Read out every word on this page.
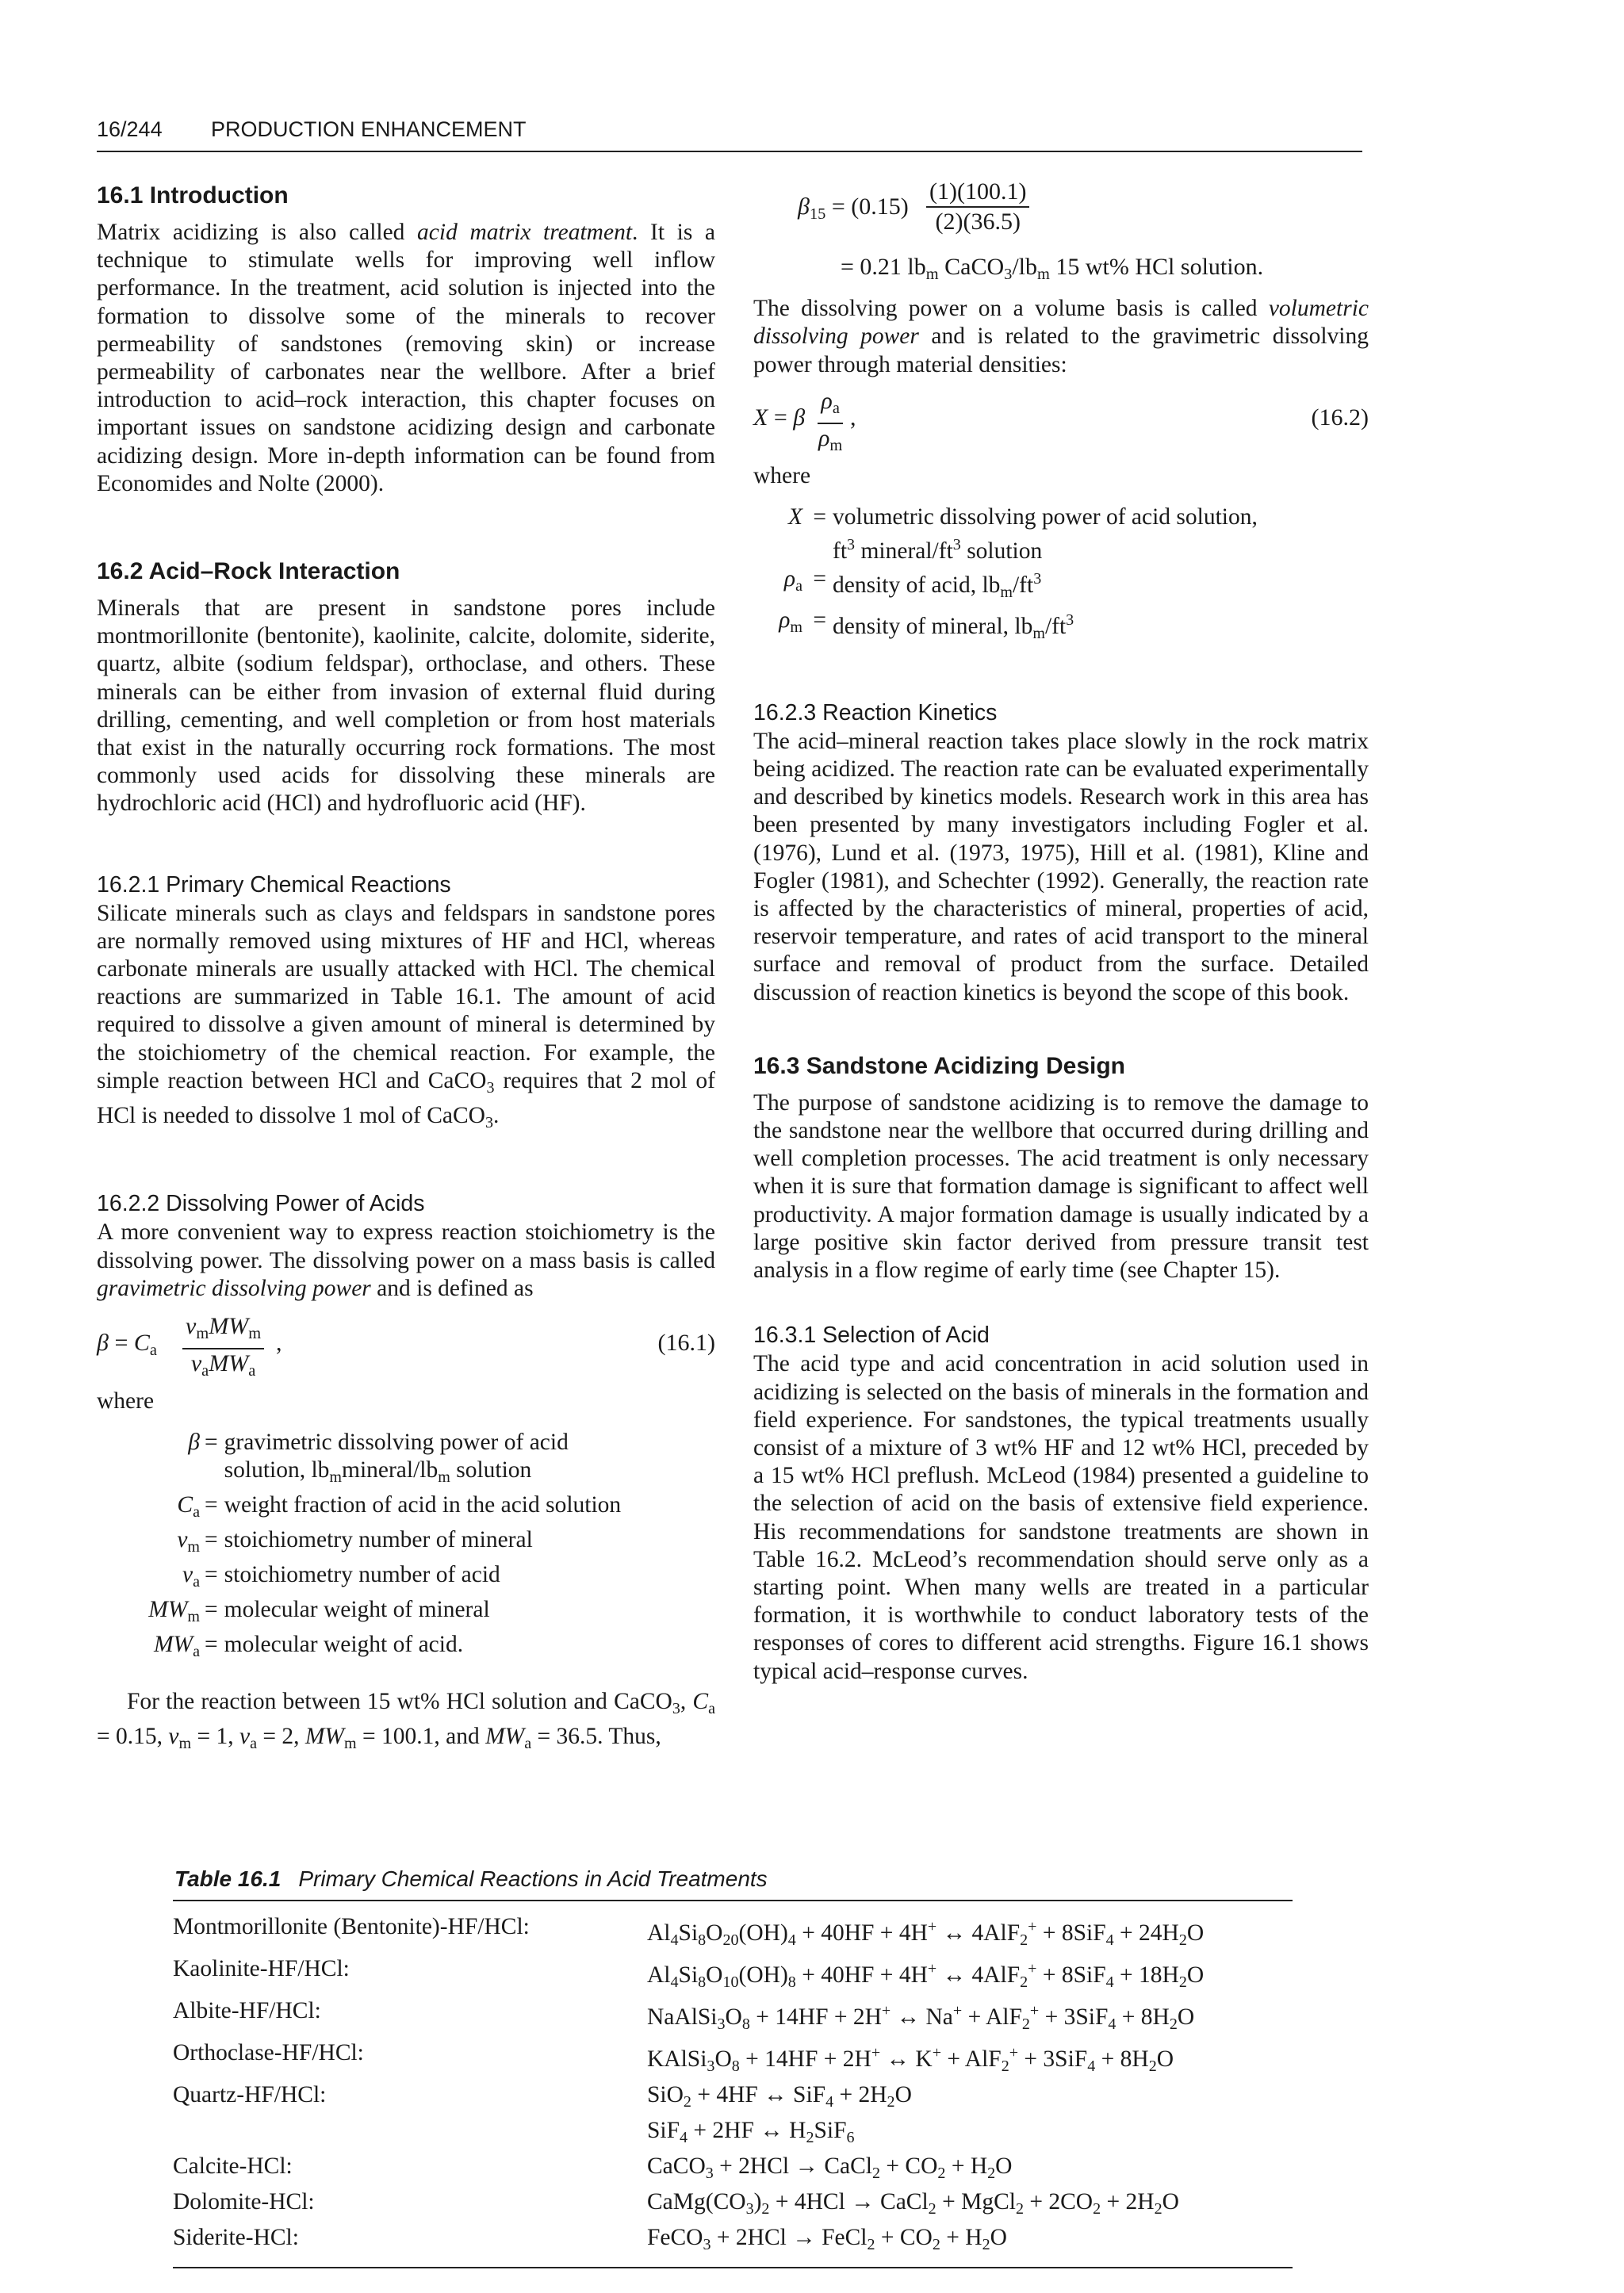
16/244 PRODUCTION ENHANCEMENT
16.1 Introduction

Matrix acidizing is also called acid matrix treatment. It is a technique to stimulate wells for improving well inflow performance. In the treatment, acid solution is injected into the formation to dissolve some of the minerals to recover permeability of sandstones (removing skin) or increase permeability of carbonates near the wellbore. After a brief introduction to acid–rock interaction, this chapter focuses on important issues on sandstone acidizing design and carbonate acidizing design. More in-depth information can be found from Economides and Nolte (2000).

16.2 Acid–Rock Interaction

Minerals that are present in sandstone pores include montmorillonite (bentonite), kaolinite, calcite, dolomite, siderite, quartz, albite (sodium feldspar), orthoclase, and others. These minerals can be either from invasion of external fluid during drilling, cementing, and well completion or from host materials that exist in the naturally occurring rock formations. The most commonly used acids for dissolving these minerals are hydrochloric acid (HCl) and hydrofluoric acid (HF).

16.2.1 Primary Chemical Reactions

Silicate minerals such as clays and feldspars in sandstone pores are normally removed using mixtures of HF and HCl, whereas carbonate minerals are usually attacked with HCl. The chemical reactions are summarized in Table 16.1. The amount of acid required to dissolve a given amount of mineral is determined by the stoichiometry of the chemical reaction. For example, the simple reaction between HCl and CaCO$_3$ requires that 2 mol of HCl is needed to dissolve 1 mol of CaCO$_3$.

16.2.2 Dissolving Power of Acids

A more convenient way to express reaction stoichiometry is the dissolving power. The dissolving power on a mass basis is called gravimetric dissolving power and is defined as

$\beta = C_a$
$\nu_mMW_m$
$\nu_aMW_a$
,	(16.1)
where
β = gravimetric dissolving power of acid
solution, $lb_mmineral/lb_m$ solution
$C_a$ = weight fraction of acid in the acid solution
$\nu_m$ = stoichiometry number of mineral
$\nu_a$ = stoichiometry number of acid
$MW_m$ = molecular weight of mineral
$MW_a$ = molecular weight of acid.

For the reaction between 15 wt% HCl solution and CaCO$_3$, $C_a = 0.15$, $\nu_m = 1$, $\nu_a = 2$, $MW_m = 100.1$, and $MW_a = 36.5$. Thus,

$\beta_{15} = (0.15) \frac{(1)(100.1)}{(2)(36.5)}$
= 0.21 $lb_m$ $CaCO_3/lb_m$ 15 wt% HCl solution.

The dissolving power on a volume basis is called volumetric dissolving power and is related to the gravimetric dissolving power through material densities:

X = β $\frac{\rho_a}{\rho_m}$ ,	(16.2)
where
X = volumetric dissolving power of acid solution,
$ft^3$ mineral/$ft^3$ solution
$\rho_a$ = density of acid, $lb_m/ft^3$
$\rho_m$ = density of mineral, $lb_m/ft^3$
16.2.3 Reaction Kinetics

The acid–mineral reaction takes place slowly in the rock matrix being acidized. The reaction rate can be evaluated experimentally and described by kinetics models. Research work in this area has been presented by many investigators including Fogler et al. (1976), Lund et al. (1973, 1975), Hill et al. (1981), Kline and Fogler (1981), and Schechter (1992). Generally, the reaction rate is affected by the characteristics of mineral, properties of acid, reservoir temperature, and rates of acid transport to the mineral surface and removal of product from the surface. Detailed discussion of reaction kinetics is beyond the scope of this book.

16.3 Sandstone Acidizing Design

The purpose of sandstone acidizing is to remove the damage to the sandstone near the wellbore that occurred during drilling and well completion processes. The acid treatment is only necessary when it is sure that formation damage is significant to affect well productivity. A major formation damage is usually indicated by a large positive skin factor derived from pressure transit test analysis in a flow regime of early time (see Chapter 15).

16.3.1 Selection of Acid

The acid type and acid concentration in acid solution used in acidizing is selected on the basis of minerals in the formation and field experience. For sandstones, the typical treatments usually consist of a mixture of 3 wt% HF and 12 wt% HCl, preceded by a 15 wt% HCl preflush. McLeod (1984) presented a guideline to the selection of acid on the basis of extensive field experience. His recommendations for sandstone treatments are shown in Table 16.2. McLeod’s recommendation should serve only as a starting point. When many wells are treated in a particular formation, it is worthwhile to conduct laboratory tests of the responses of cores to different acid strengths. Figure 16.1 shows typical acid–response curves.

Table 16.1 Primary Chemical Reactions in Acid Treatments
Montmorillonite (Bentonite)-HF/HCl:	$Al_4Si_8O_{20}(OH)_4 + 40HF + 4H^+$ ↔ $4AlF_2^+ + 8SiF_4 + 24H_2O$
Kaolinite-HF/HCl:	$Al_4Si_8O_{10}(OH)_8 + 40HF + 4H^+$ ↔ $4AlF_2^+ + 8SiF_4 + 18H_2O$
Albite-HF/HCl:	$NaAlSi_3O_8 + 14HF + 2H^+$ ↔ $Na^+ + AlF_2^+ + 3SiF_4 + 8H_2O$
Orthoclase-HF/HCl:	$KAlSi_3O_8 + 14HF + 2H^+$ ↔ $K^+ + AlF_2^+ + 3SiF_4 + 8H_2O$
Quartz-HF/HCl:	SiO$_2$ + 4HF ↔ $SiF_4 + 2H_2O$
SiF$_4$ + 2HF ↔ $H_2SiF_6$
Calcite-HCl:	CaCO$_3$ + 2HCl → CaCl$_2$ + $CO_2 + H_2O$
Dolomite-HCl:	$CaMg(CO_3)_2 + 4HCl$ → CaCl$_2$ + MgCl$_2$ + $2CO_2 + 2H_2O$
Siderite-HCl:	FeCO$_3$ + 2HCl → FeCl$_2$ + $CO_2 + H_2O$
